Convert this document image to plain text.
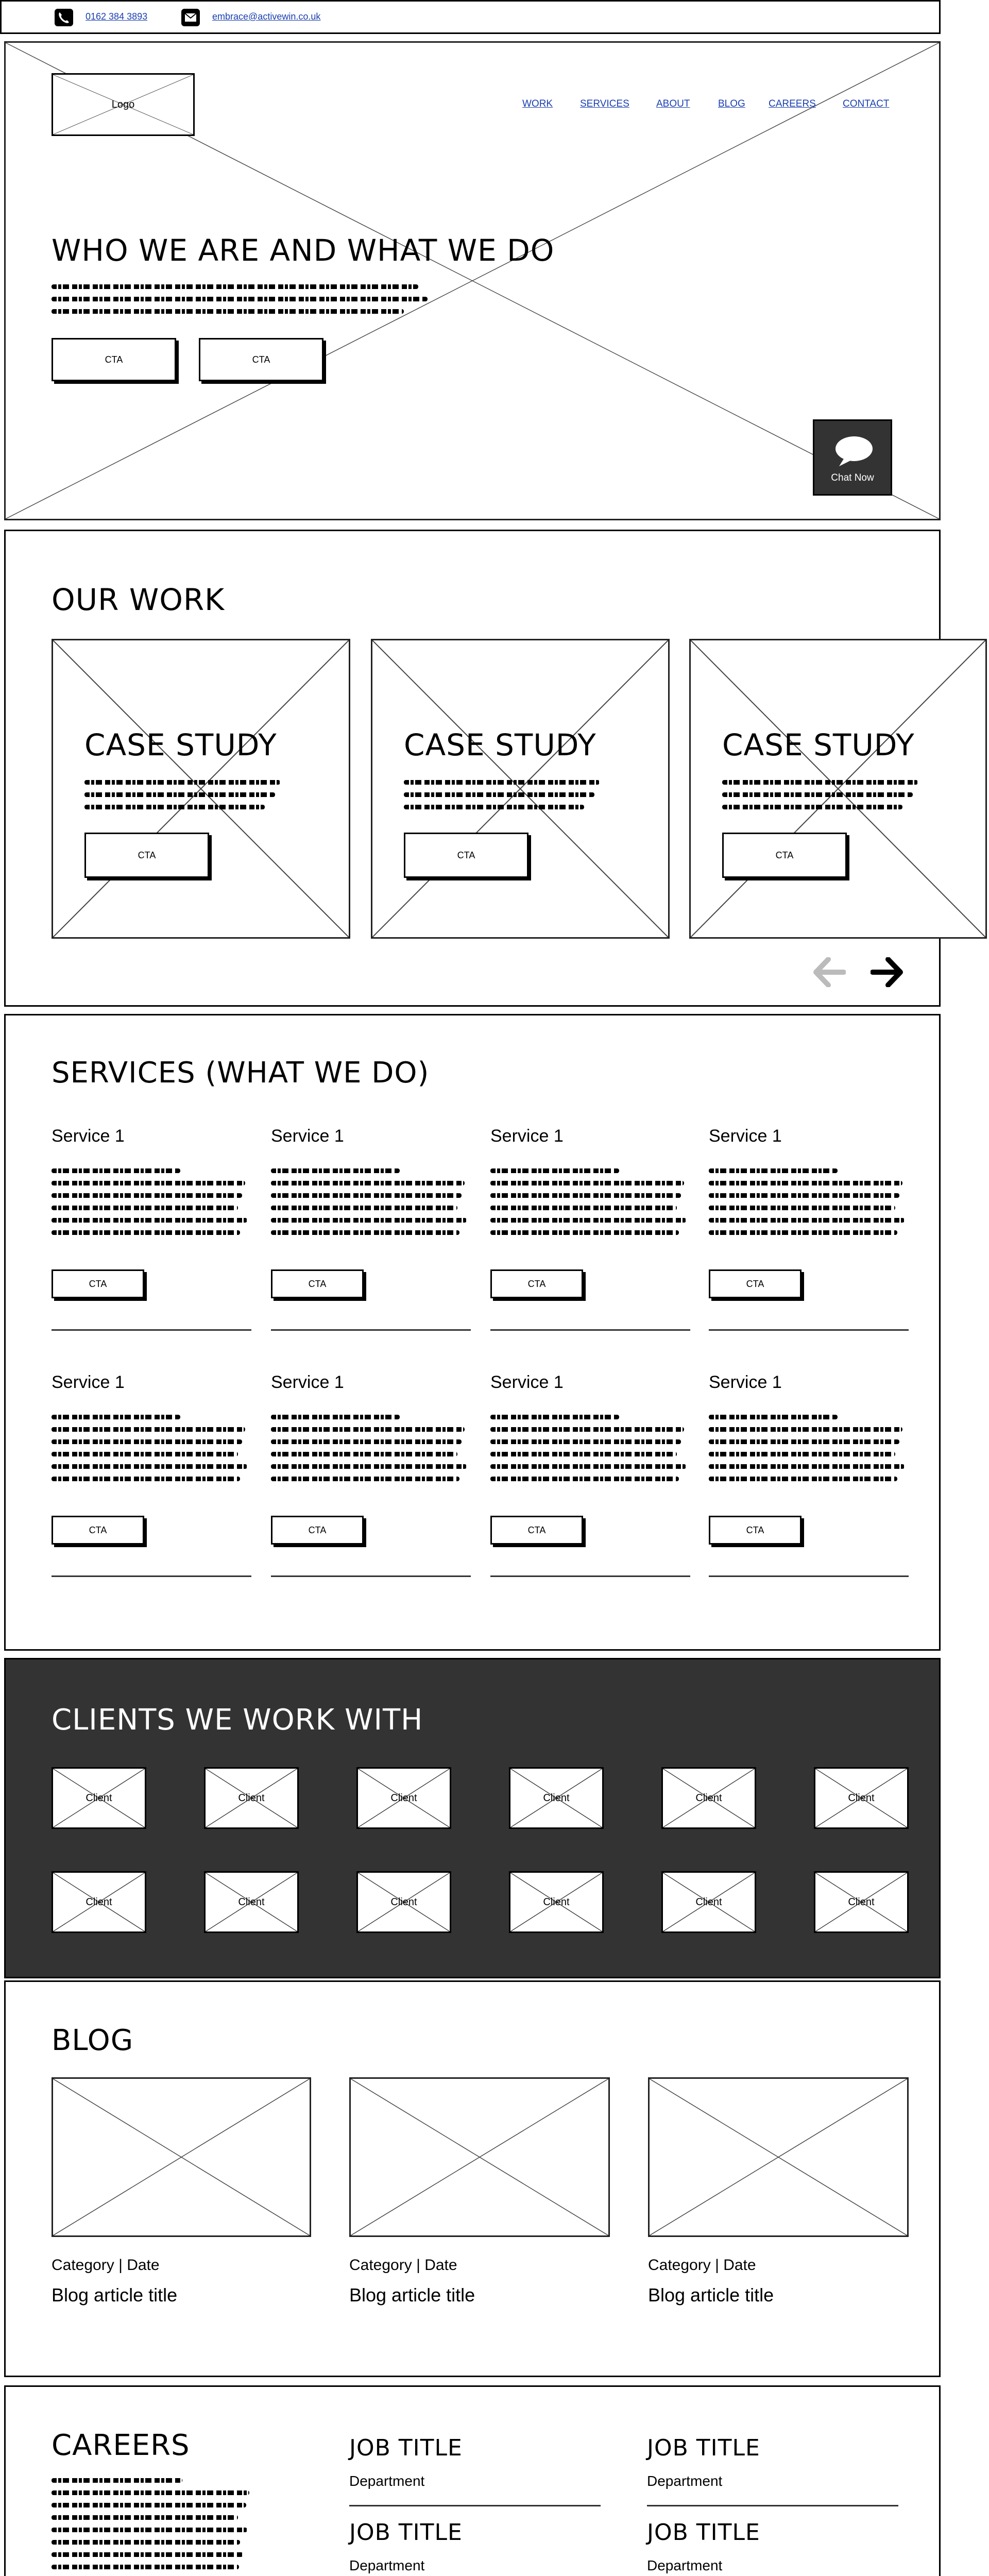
0162 384 3893	embrace@activewin.co.uk
Logo	WORK	SERVICES	ABOUT	BLOG CAREERS	CONTACT
WHO WE ARE AND WHAT WE DO
CTA	CTA
Chat Now
OUR WORK
CASE STUDY
CTA
CASE STUDY
CTA
CASE STUDY
CTA
SERVICES (WHAT WE DO)
Service 1
CTA
Service 1
CTA
Service 1
CTA
Service 1
CTA
Service 1
CTA
Service 1
CTA
Service 1
CTA
Service 1
CTA
CLIENTS WE WORK WITH
Client	Client	Client	Client	Client	Client
Client	Client	Client	Client	Client	Client
BLOG
Category | Date
Blog article title
Category | Date
Blog article title
Category | Date
Blog article title
CAREERS	JOB TITLE
Department
JOB TITLE
Department
JOB TITLE
Department
JOB TITLE
Department
